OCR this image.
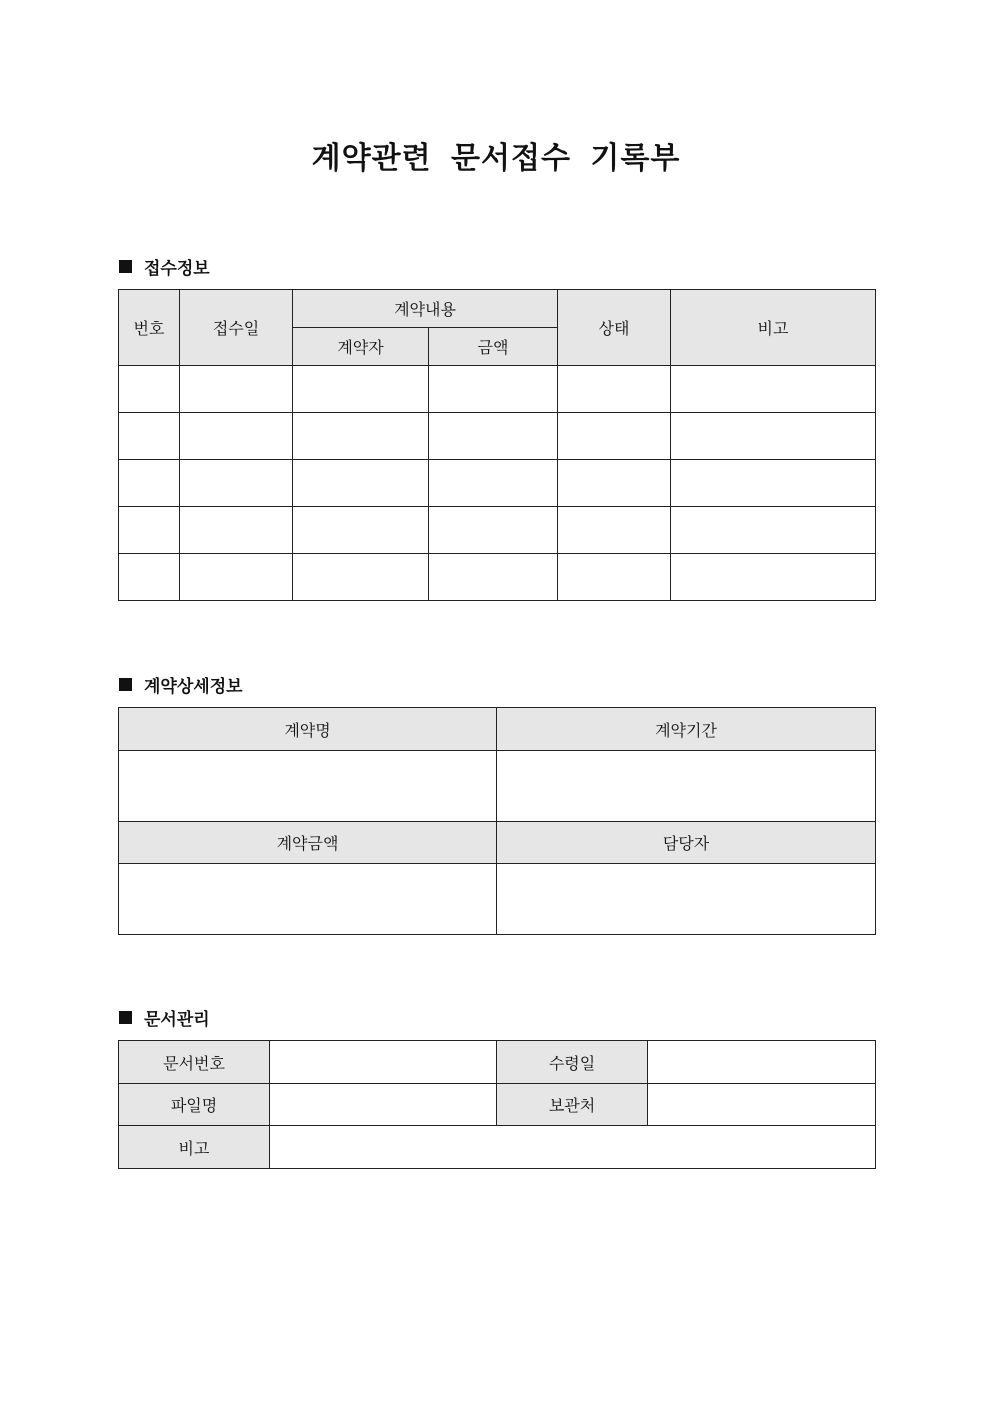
계약관련 문서접수 기록부
접수정보
번호	접수일	계약내용		상태	비고
		계약자	금액		

계약상세정보
계약명	계약기간

계약금액	담당자

문서관리
문서번호		수령일	
파일명		보관처	
비고			
